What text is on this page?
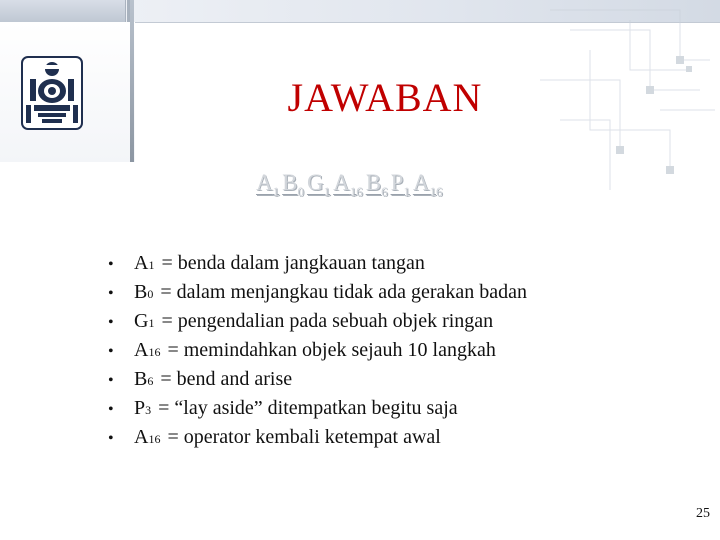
JAWABAN
$A_1$ $B_0$ $G_1$ $A_{16}$ $B_6$ $P_1$ $A_{16}$
•	A 1 = benda dalam jangkauan tangan
•	B 0 = dalam menjangkau tidak ada gerakan badan
•	G 1 = pengendalian pada sebuah objek ringan
•	A 16 = memindahkan objek sejauh 10 langkah
•	B 6 = bend and arise
•	P 3 = “lay aside” ditempatkan begitu saja
•	A 16 = operator kembali ketempat awal
25
